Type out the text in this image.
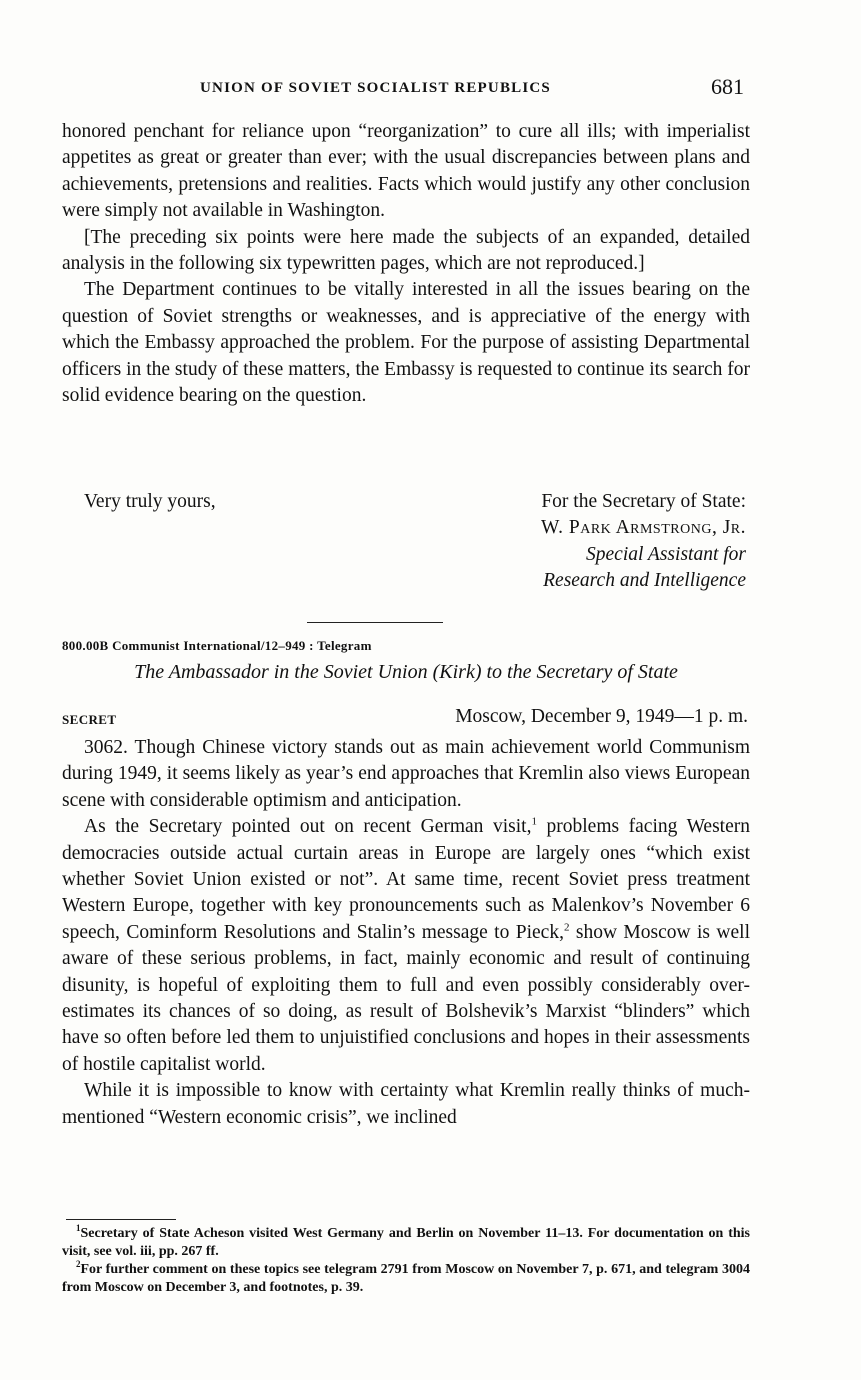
UNION OF SOVIET SOCIALIST REPUBLICS	681

honored penchant for reliance upon “reorganization” to cure all ills; with imperialist appetites as great or greater than ever; with the usual discrepancies between plans and achievements, pretensions and realities. Facts which would justify any other conclusion were simply not available in Washington.

[The preceding six points were here made the subjects of an expanded, detailed analysis in the following six typewritten pages, which are not reproduced.]

The Department continues to be vitally interested in all the issues bearing on the question of Soviet strengths or weaknesses, and is appreciative of the energy with which the Embassy approached the problem. For the purpose of assisting Departmental officers in the study of these matters, the Embassy is requested to continue its search for solid evidence bearing on the question.

Very truly yours,	For the Secretary of State:
W. Park Armstrong, Jr.
Special Assistant for
Research and Intelligence
800.00B Communist International/12–949 : Telegram
The Ambassador in the Soviet Union (Kirk) to the Secretary of State
SECRET	Moscow, December 9, 1949—1 p. m.

3062. Though Chinese victory stands out as main achievement world Communism during 1949, it seems likely as year’s end approaches that Kremlin also views European scene with considerable optimism and anticipation.

As the Secretary pointed out on recent German visit,$^1$ problems facing Western democracies outside actual curtain areas in Europe are largely ones “which exist whether Soviet Union existed or not”. At same time, recent Soviet press treatment Western Europe, together with key pronouncements such as Malenkov’s November 6 speech, Cominform Resolutions and Stalin’s message to Pieck,$^2$ show Moscow is well aware of these serious problems, in fact, mainly economic and result of continuing disunity, is hopeful of exploiting them to full and even possibly considerably over-estimates its chances of so doing, as result of Bolshevik’s Marxist “blinders” which have so often before led them to unjuistified conclusions and hopes in their assessments of hostile capitalist world.

While it is impossible to know with certainty what Kremlin really thinks of much-mentioned “Western economic crisis”, we inclined

$^1$Secretary of State Acheson visited West Germany and Berlin on November 11–13. For documentation on this visit, see vol. iii, pp. 267 ff.

$^2$For further comment on these topics see telegram 2791 from Moscow on November 7, p. 671, and telegram 3004 from Moscow on December 3, and footnotes, p. 39.
